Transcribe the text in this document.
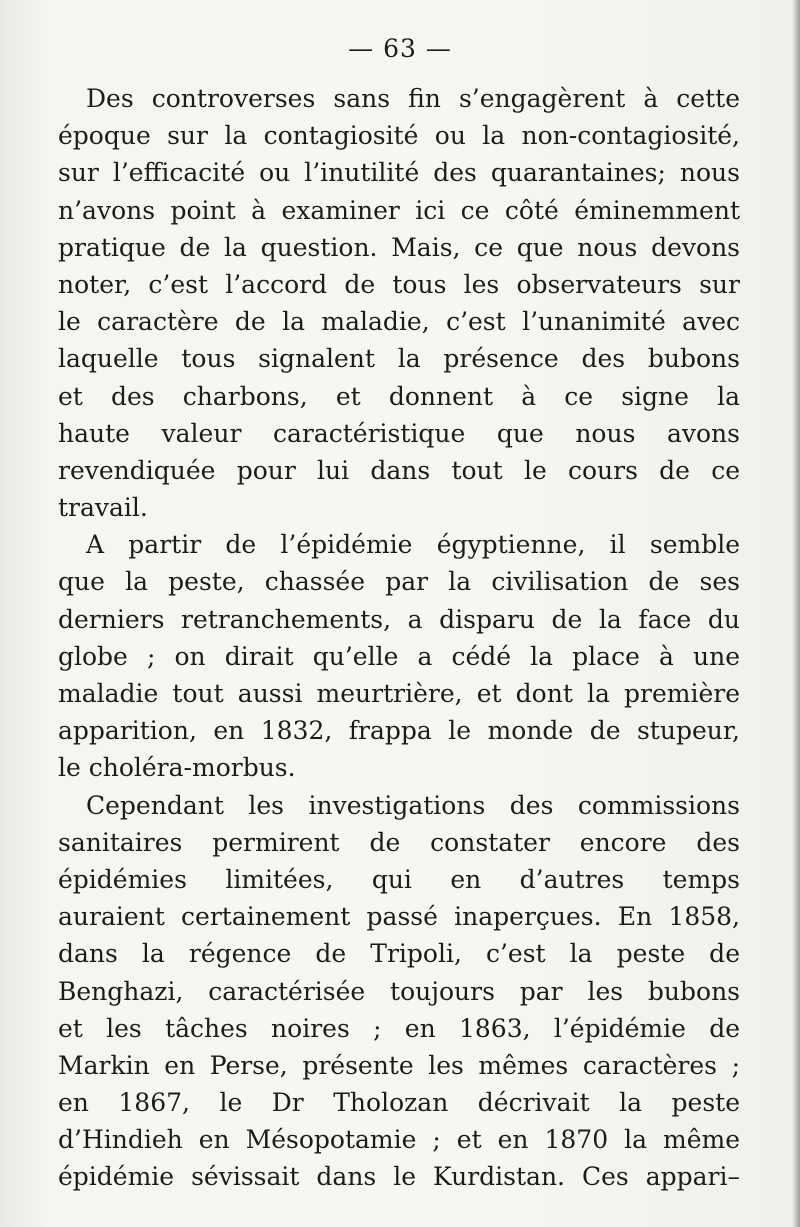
— 63 —
Des controverses sans fin s’engagèrent à cette
époque sur la contagiosité ou la non-contagiosité,
sur l’efficacité ou l’inutilité des quarantaines; nous
n’avons point à examiner ici ce côté éminemment
pratique de la question. Mais, ce que nous devons
noter, c’est l’accord de tous les observateurs sur
le caractère de la maladie, c’est l’unanimité avec
laquelle tous signalent la présence des bubons
et des charbons, et donnent à ce signe la
haute valeur caractéristique que nous avons
revendiquée pour lui dans tout le cours de ce
travail.
A partir de l’épidémie égyptienne, il semble
que la peste, chassée par la civilisation de ses
derniers retranchements, a disparu de la face du
globe ; on dirait qu’elle a cédé la place à une
maladie tout aussi meurtrière, et dont la première
apparition, en 1832, frappa le monde de stupeur,
le choléra-morbus.
Cependant les investigations des commissions
sanitaires permirent de constater encore des
épidémies limitées, qui en d’autres temps
auraient certainement passé inaperçues. En 1858,
dans la régence de Tripoli, c’est la peste de
Benghazi, caractérisée toujours par les bubons
et les tâches noires ; en 1863, l’épidémie de
Markin en Perse, présente les mêmes caractères ;
en 1867, le Dr Tholozan décrivait la peste
d’Hindieh en Mésopotamie ; et en 1870 la même
épidémie sévissait dans le Kurdistan. Ces appari–
